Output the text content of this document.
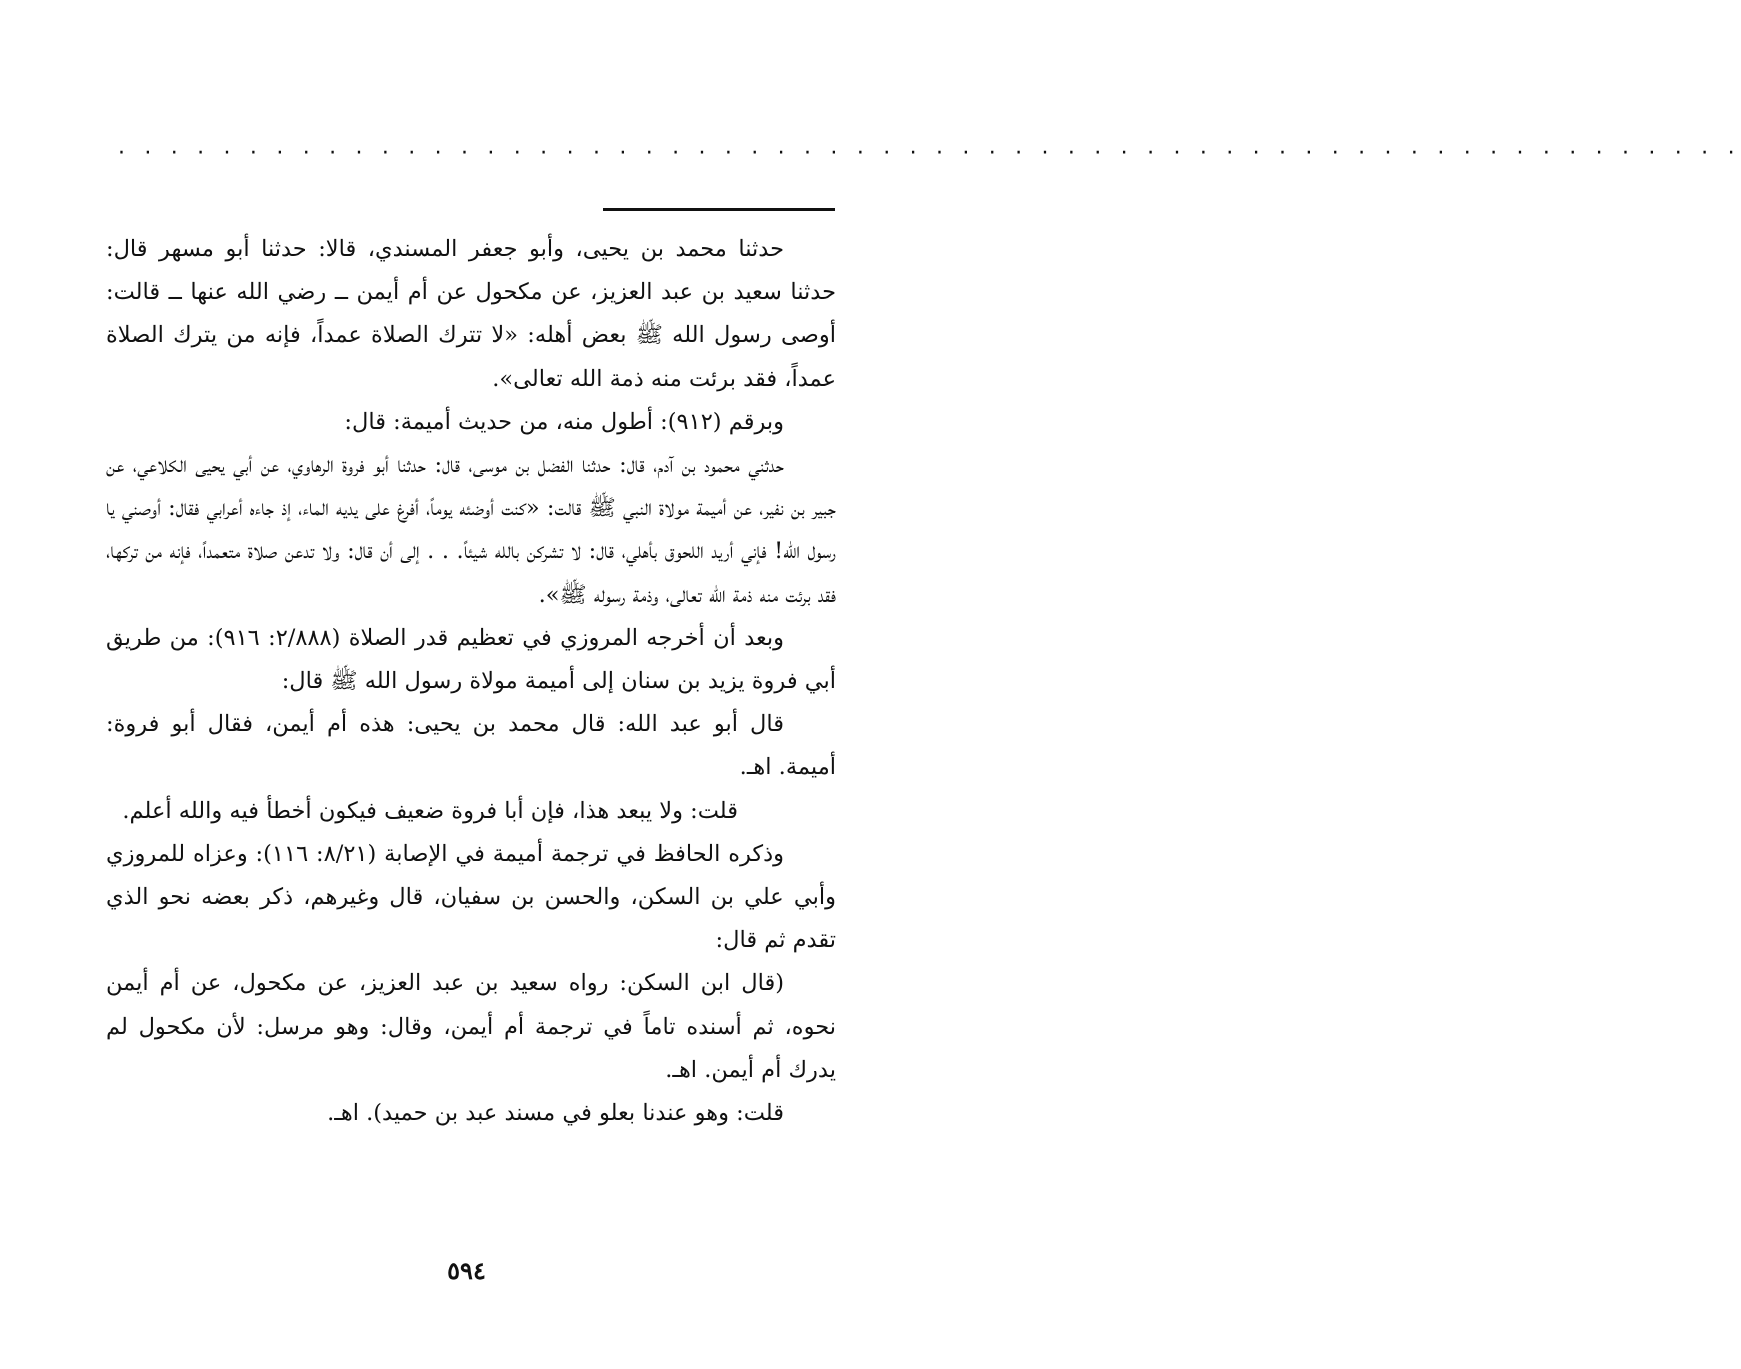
· · · · · · · · · · · · · · · · · · · · · · · · · · · · · · · · · · · · · · · · · · · · · · · · · · · · · · · · · · · · · ·

حدثنا محمد بن يحيى، وأبو جعفر المسندي، قالا: حدثنا أبو مسهر قال: حدثنا سعيد بن عبد العزيز، عن مكحول عن أم أيمن ــ رضي الله عنها ــ قالت: أوصى رسول الله ﷺ بعض أهله: «لا تترك الصلاة عمداً، فإنه من يترك الصلاة عمداً، فقد برئت منه ذمة الله تعالى».

وبرقم (٩١٢): أطول منه، من حديث أميمة: قال:

حدثني محمود بن آدم، قال: حدثنا الفضل بن موسى، قال: حدثنا أبو فروة الرهاوي، عن أبي يحيى الكلاعي، عن جبير بن نفير، عن أميمة مولاة النبي ﷺ قالت: «كنت أوضئه يوماً، أفرغ على يديه الماء، إذ جاءه أعرابي فقال: أوصني يا رسول الله! فإني أريد اللحوق بأهلي، قال: لا تشركن بالله شيئاً. . . إلى أن قال: ولا تدعن صلاة متعمداً، فإنه من تركها، فقد برئت منه ذمة الله تعالى، وذمة رسوله ﷺ».

وبعد أن أخرجه المروزي في تعظيم قدر الصلاة (٢/٨٨٨: ٩١٦): من طريق أبي فروة يزيد بن سنان إلى أميمة مولاة رسول الله ﷺ قال:

قال أبو عبد الله: قال محمد بن يحيى: هذه أم أيمن، فقال أبو فروة: أميمة. اهـ.

قلت: ولا يبعد هذا، فإن أبا فروة ضعيف فيكون أخطأ فيه والله أعلم.

وذكره الحافظ في ترجمة أميمة في الإصابة (٨/٢١: ١١٦): وعزاه للمروزي وأبي علي بن السكن، والحسن بن سفيان، قال وغيرهم، ذكر بعضه نحو الذي تقدم ثم قال:

(قال ابن السكن: رواه سعيد بن عبد العزيز، عن مكحول، عن أم أيمن نحوه، ثم أسنده تاماً في ترجمة أم أيمن، وقال: وهو مرسل: لأن مكحول لم يدرك أم أيمن. اهـ.

قلت: وهو عندنا بعلو في مسند عبد بن حميد). اهـ.

٥٩٤
